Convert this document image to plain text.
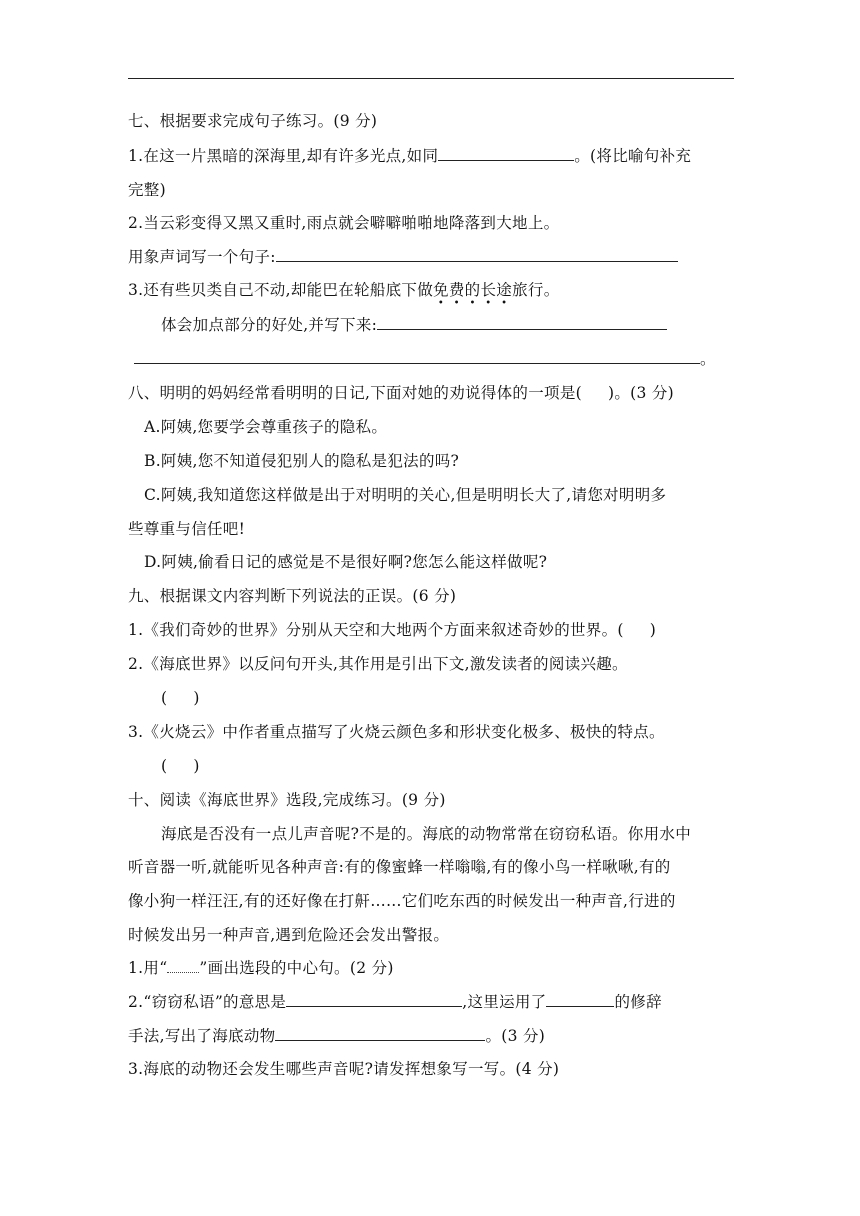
七、根据要求完成句子练习。(9 分)
1.在这一片黑暗的深海里,却有许多光点,如同	。(将比喻句补充
完整)
2.当云彩变得又黑又重时,雨点就会噼噼啪啪地降落到大地上。
用象声词写一个句子:
3.还有些贝类自己不动,却能巴在轮船底下做免费的长途旅行。
体会加点部分的好处,并写下来:
。
八、明明的妈妈经常看明明的日记,下面对她的劝说得体的一项是( )。(3 分)
A.阿姨,您要学会尊重孩子的隐私。
B.阿姨,您不知道侵犯别人的隐私是犯法的吗?
C.阿姨,我知道您这样做是出于对明明的关心,但是明明长大了,请您对明明多
些尊重与信任吧!
D.阿姨,偷看日记的感觉是不是很好啊?您怎么能这样做呢?
九、根据课文内容判断下列说法的正误。(6 分)
1.《我们奇妙的世界》分别从天空和大地两个方面来叙述奇妙的世界。( )
2.《海底世界》以反问句开头,其作用是引出下文,激发读者的阅读兴趣。
( )
3.《火烧云》中作者重点描写了火烧云颜色多和形状变化极多、极快的特点。
( )
十、阅读《海底世界》选段,完成练习。(9 分)
海底是否没有一点儿声音呢?不是的。海底的动物常常在窃窃私语。你用水中
听音器一听,就能听见各种声音:有的像蜜蜂一样嗡嗡,有的像小鸟一样啾啾,有的
像小狗一样汪汪,有的还好像在打鼾……它们吃东西的时候发出一种声音,行进的
时候发出另一种声音,遇到危险还会发出警报。
1.用“ ”画出选段的中心句。(2 分)
2.“窃窃私语”的意思是	,这里运用了	的修辞
手法,写出了海底动物	。(3 分)
3.海底的动物还会发生哪些声音呢?请发挥想象写一写。(4 分)
